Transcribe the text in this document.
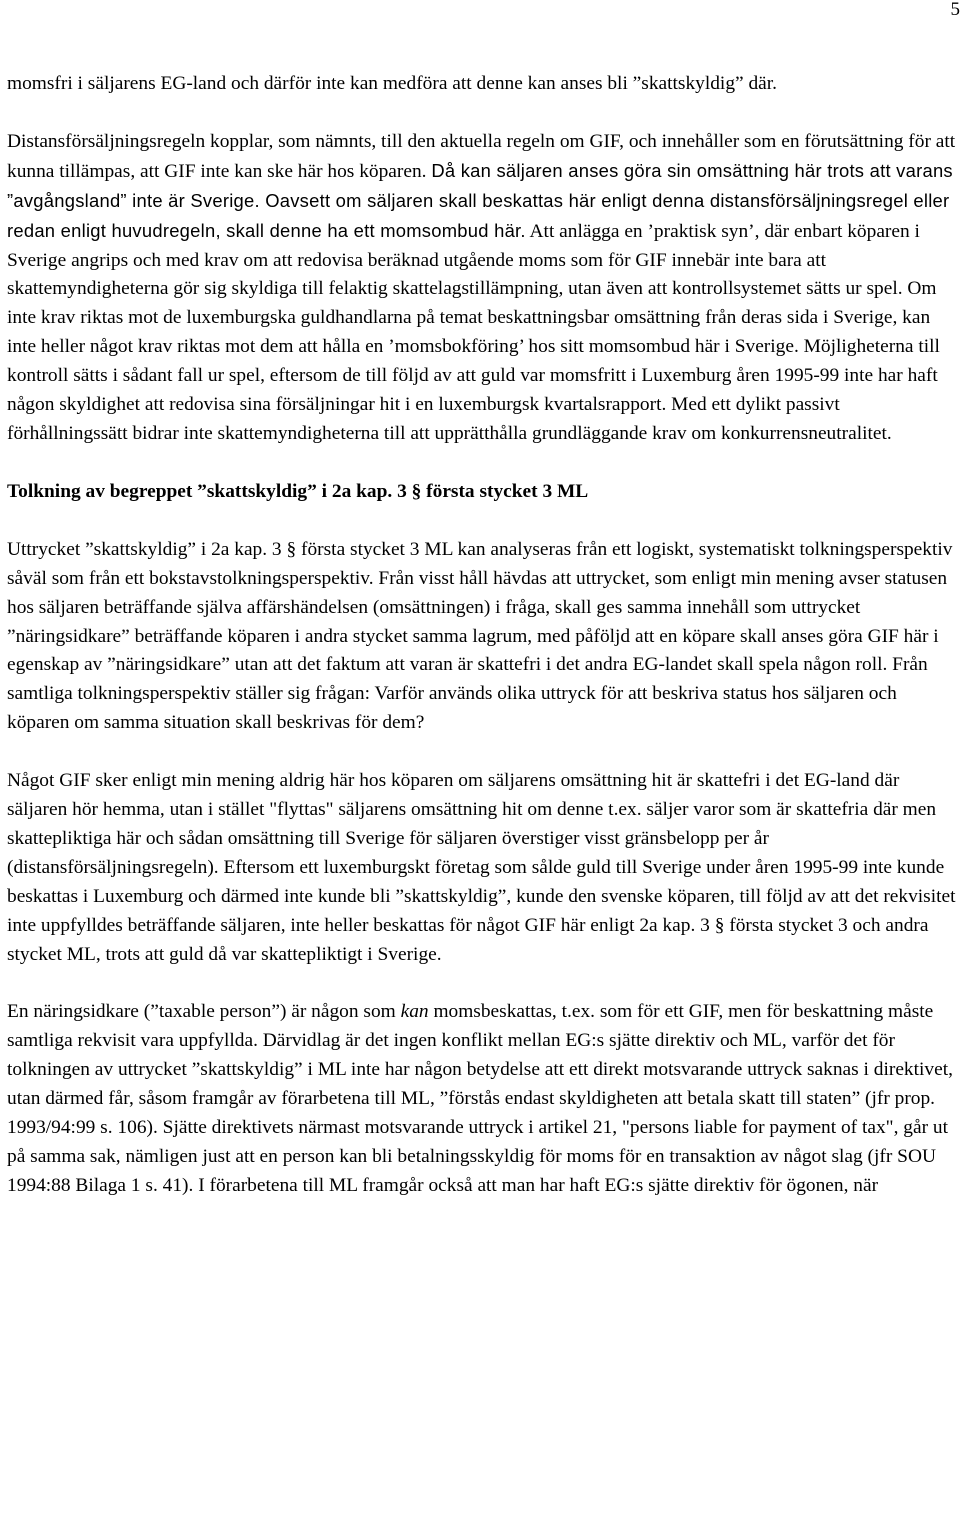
5

momsfri i säljarens EG-land och därför inte kan medföra att denne kan anses bli ”skattskyldig” där.

Distansförsäljningsregeln kopplar, som nämnts, till den aktuella regeln om GIF, och innehåller som en förutsättning för att kunna tillämpas, att GIF inte kan ske här hos köparen. Då kan säljaren anses göra sin omsättning här trots att varans ”avgångsland” inte är Sverige. Oavsett om säljaren skall beskattas här enligt denna distansförsäljningsregel eller redan enligt huvudregeln, skall denne ha ett momsombud här. Att anlägga en ’praktisk syn’, där enbart köparen i Sverige angrips och med krav om att redovisa beräknad utgående moms som för GIF innebär inte bara att skattemyndigheterna gör sig skyldiga till felaktig skattelagstillämpning, utan även att kontrollsystemet sätts ur spel. Om inte krav riktas mot de luxemburgska guldhandlarna på temat beskattningsbar omsättning från deras sida i Sverige, kan inte heller något krav riktas mot dem att hålla en ’momsbokföring’ hos sitt momsombud här i Sverige. Möjligheterna till kontroll sätts i sådant fall ur spel, eftersom de till följd av att guld var momsfritt i Luxemburg åren 1995-99 inte har haft någon skyldighet att redovisa sina försäljningar hit i en luxemburgsk kvartalsrapport. Med ett dylikt passivt förhållningssätt bidrar inte skattemyndigheterna till att upprätthålla grundläggande krav om konkurrensneutralitet.

Tolkning av begreppet ”skattskyldig” i 2a kap. 3 § första stycket 3 ML

Uttrycket ”skattskyldig” i 2a kap. 3 § första stycket 3 ML kan analyseras från ett logiskt, systematiskt tolkningsperspektiv såväl som från ett bokstavstolkningsperspektiv. Från visst håll hävdas att uttrycket, som enligt min mening avser statusen hos säljaren beträffande själva affärshändelsen (omsättningen) i fråga, skall ges samma innehåll som uttrycket ”näringsidkare” beträffande köparen i andra stycket samma lagrum, med påföljd att en köpare skall anses göra GIF här i egenskap av ”näringsidkare” utan att det faktum att varan är skattefri i det andra EG-landet skall spela någon roll. Från samtliga tolkningsperspektiv ställer sig frågan: Varför används olika uttryck för att beskriva status hos säljaren och köparen om samma situation skall beskrivas för dem?

Något GIF sker enligt min mening aldrig här hos köparen om säljarens omsättning hit är skattefri i det EG-land där säljaren hör hemma, utan i stället "flyttas" säljarens omsättning hit om denne t.ex. säljer varor som är skattefria där men skattepliktiga här och sådan omsättning till Sverige för säljaren överstiger visst gränsbelopp per år (distansförsäljningsregeln). Eftersom ett luxemburgskt företag som sålde guld till Sverige under åren 1995-99 inte kunde beskattas i Luxemburg och därmed inte kunde bli ”skattskyldig”, kunde den svenske köparen, till följd av att det rekvisitet inte uppfylldes beträffande säljaren, inte heller beskattas för något GIF här enligt 2a kap. 3 § första stycket 3 och andra stycket ML, trots att guld då var skattepliktigt i Sverige.

En näringsidkare (”taxable person”) är någon som kan momsbeskattas, t.ex. som för ett GIF, men för beskattning måste samtliga rekvisit vara uppfyllda. Därvidlag är det ingen konflikt mellan EG:s sjätte direktiv och ML, varför det för tolkningen av uttrycket ”skattskyldig” i ML inte har någon betydelse att ett direkt motsvarande uttryck saknas i direktivet, utan därmed får, såsom framgår av förarbetena till ML, ”förstås endast skyldigheten att betala skatt till staten” (jfr prop. 1993/94:99 s. 106). Sjätte direktivets närmast motsvarande uttryck i artikel 21, "persons liable for payment of tax", går ut på samma sak, nämligen just att en person kan bli betalningsskyldig för moms för en transaktion av något slag (jfr SOU 1994:88 Bilaga 1 s. 41). I förarbetena till ML framgår också att man har haft EG:s sjätte direktiv för ögonen, när
